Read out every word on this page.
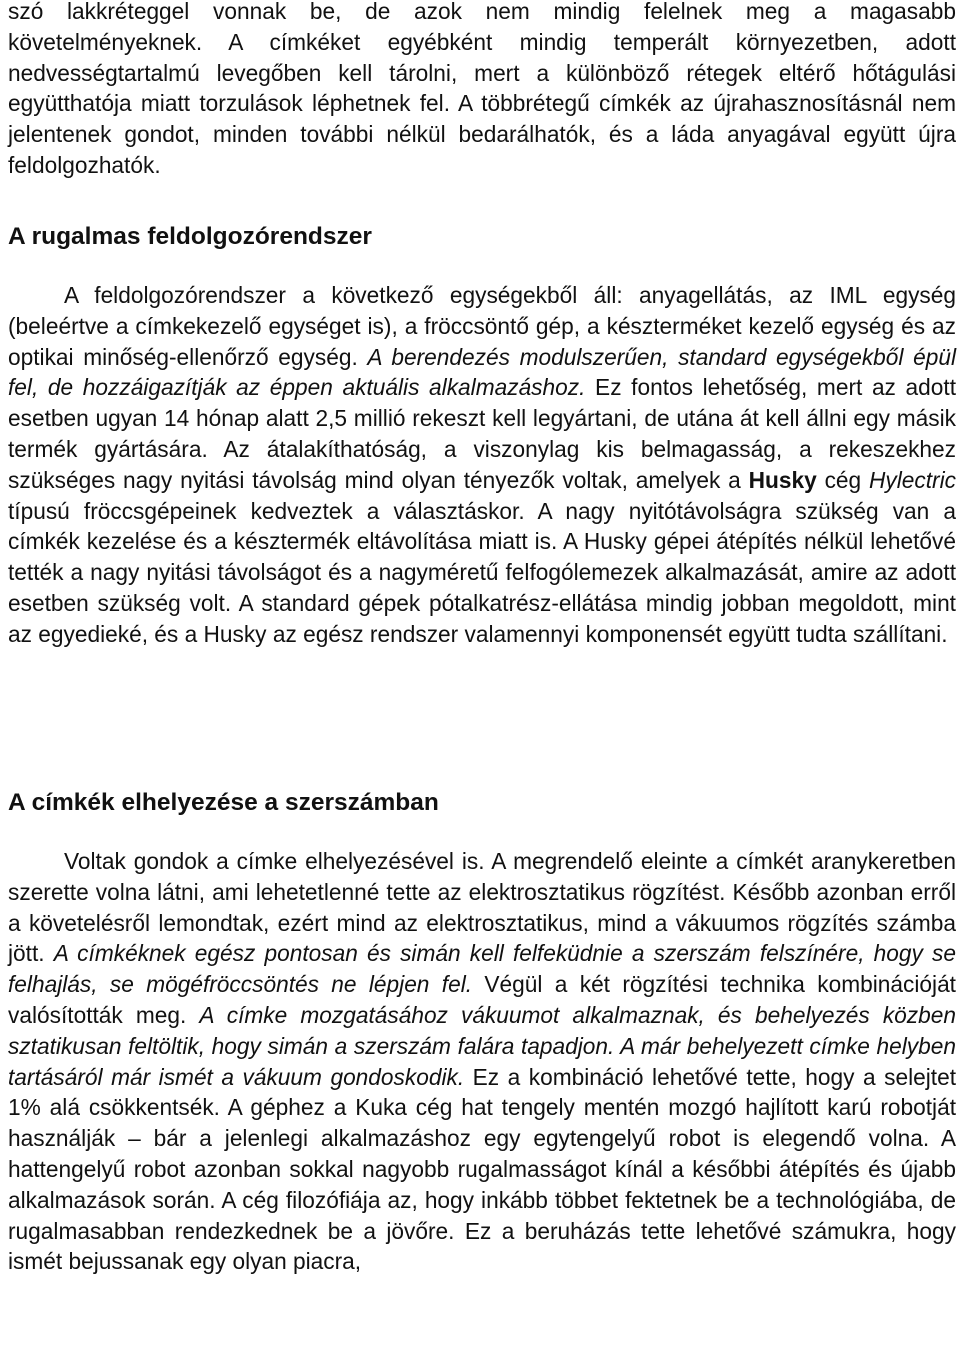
szó lakkréteggel vonnak be, de azok nem mindig felelnek meg a magasabb követelményeknek. A címkéket egyébként mindig temperált környezetben, adott nedvességtartalmú levegőben kell tárolni, mert a különböző rétegek eltérő hőtágulási együtthatója miatt torzulások léphetnek fel. A többrétegű címkék az újrahasznosításnál nem jelentenek gondot, minden további nélkül bedarálhatók, és a láda anyagával együtt újra feldolgozhatók.

A rugalmas feldolgozórendszer

A feldolgozórendszer a következő egységekből áll: anyagellátás, az IML egység (beleértve a címkekezelő egységet is), a fröccsöntő gép, a készterméket kezelő egység és az optikai minőség-ellenőrző egység. A berendezés modulszerűen, standard egységekből épül fel, de hozzáigazítják az éppen aktuális alkalmazáshoz. Ez fontos lehetőség, mert az adott esetben ugyan 14 hónap alatt 2,5 millió rekeszt kell legyártani, de utána át kell állni egy másik termék gyártására. Az átalakíthatóság, a viszonylag kis belmagasság, a rekeszekhez szükséges nagy nyitási távolság mind olyan tényezők voltak, amelyek a Husky cég Hylectric típusú fröccsgépeinek kedveztek a választáskor. A nagy nyitótávolságra szükség van a címkék kezelése és a késztermék eltávolítása miatt is. A Husky gépei átépítés nélkül lehetővé tették a nagy nyitási távolságot és a nagyméretű felfogólemezek alkalmazását, amire az adott esetben szükség volt. A standard gépek pótalkatrész-ellátása mindig jobban megoldott, mint az egyedieké, és a Husky az egész rendszer valamennyi komponensét együtt tudta szállítani.

A címkék elhelyezése a szerszámban

Voltak gondok a címke elhelyezésével is. A megrendelő eleinte a címkét aranykeretben szerette volna látni, ami lehetetlenné tette az elektrosztatikus rögzítést. Később azonban erről a követelésről lemondtak, ezért mind az elektrosztatikus, mind a vákuumos rögzítés számba jött. A címkéknek egész pontosan és simán kell felfeküdnie a szerszám felszínére, hogy se felhajlás, se mögéfröccsöntés ne lépjen fel. Végül a két rögzítési technika kombinációját valósították meg. A címke mozgatásához vákuumot alkalmaznak, és behelyezés közben sztatikusan feltöltik, hogy simán a szerszám falára tapadjon. A már behelyezett címke helyben tartásáról már ismét a vákuum gondoskodik. Ez a kombináció lehetővé tette, hogy a selejtet 1% alá csökkentsék. A géphez a Kuka cég hat tengely mentén mozgó hajlított karú robotját használják – bár a jelenlegi alkalmazáshoz egy egytengelyű robot is elegendő volna. A hattengelyű robot azonban sokkal nagyobb rugalmasságot kínál a későbbi átépítés és újabb alkalmazások során. A cég filozófiája az, hogy inkább többet fektetnek be a technológiába, de rugalmasabban rendezkednek be a jövőre. Ez a beruházás tette lehetővé számukra, hogy ismét bejussanak egy olyan piacra,
